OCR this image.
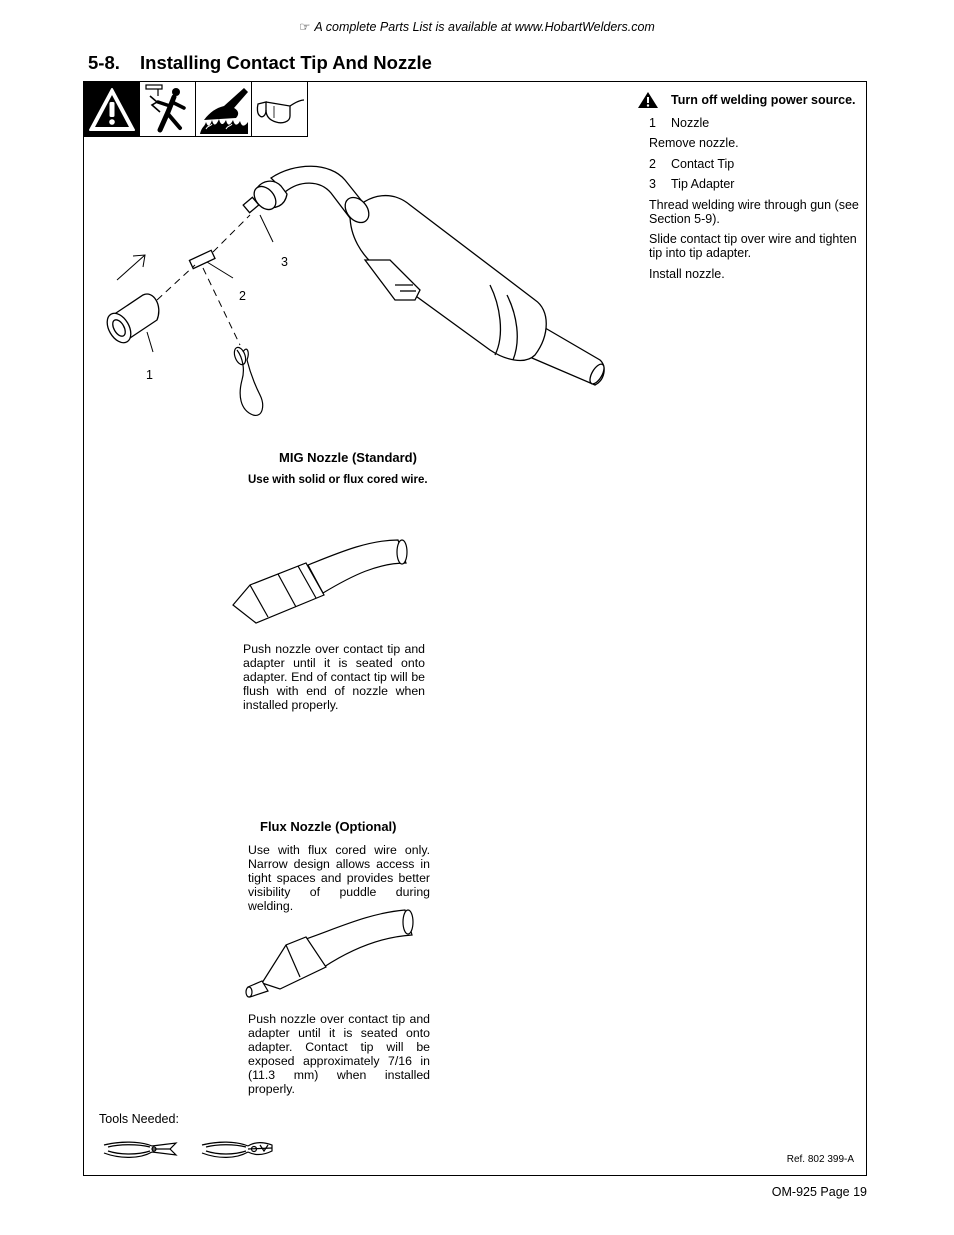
☞ A complete Parts List is available at www.HobartWelders.com
5-8. Installing Contact Tip And Nozzle

Turn off welding power source.

1 Nozzle

Remove nozzle.

2 Contact Tip

3 Tip Adapter

Thread welding wire through gun (see Section 5-9).

Slide contact tip over wire and tighten tip into tip adapter.

Install nozzle.

3
2
1
MIG Nozzle (Standard)
Use with solid or flux cored wire.
Push nozzle over contact tip and adapter until it is seated onto adapter. End of contact tip will be flush with end of nozzle when installed properly.
Flux Nozzle (Optional)
Use with flux cored wire only. Narrow design allows access in tight spaces and provides better visibility of puddle during welding.
Push nozzle over contact tip and adapter until it is seated onto adapter. Contact tip will be exposed approximately 7/16 in (11.3 mm) when installed properly.
Tools Needed:
Ref. 802 399-A
OM-925 Page 19
